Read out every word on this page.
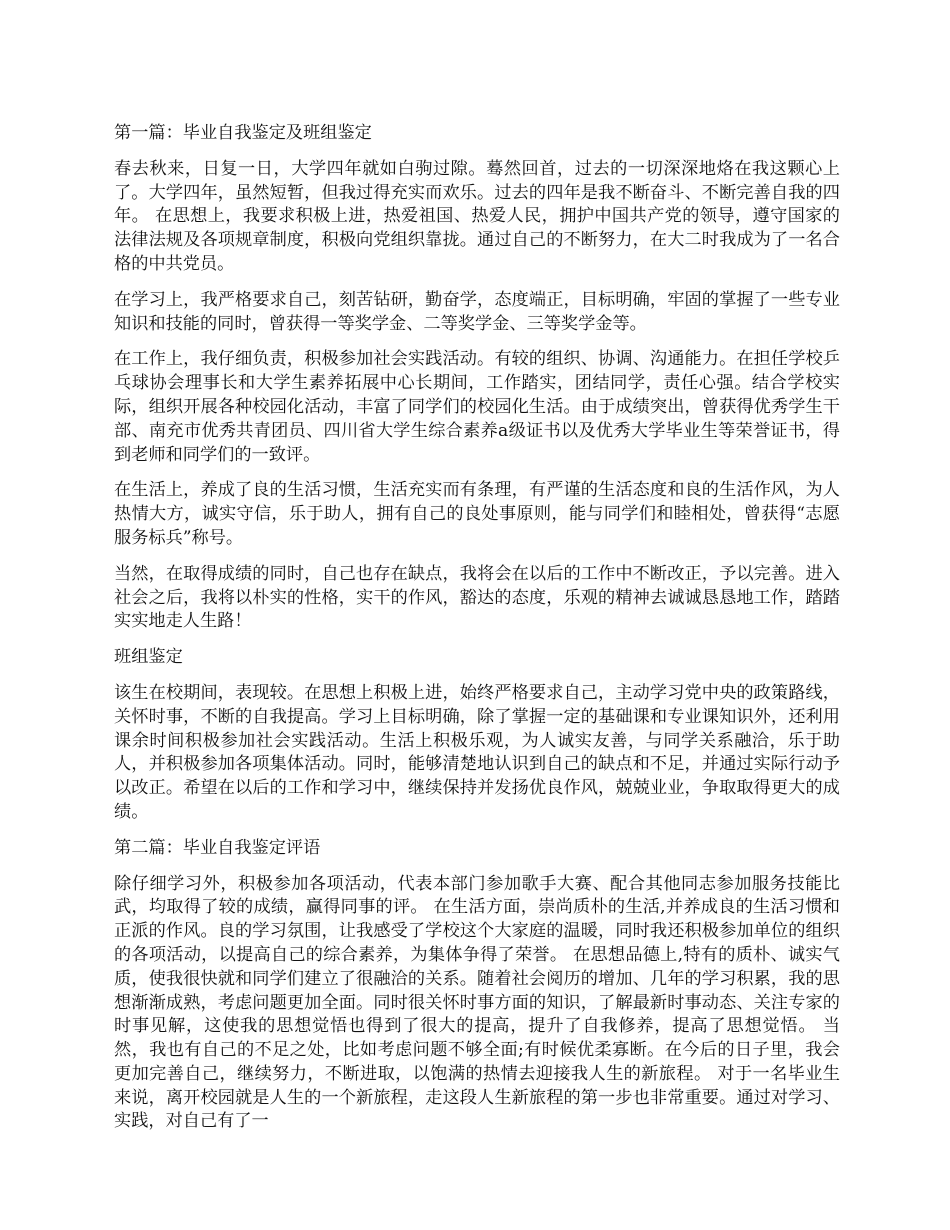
第一篇：毕业自我鉴定及班组鉴定

春去秋来，日复一日，大学四年就如白驹过隙。蓦然回首，过去的一切深深地烙在我这颗心上了。大学四年，虽然短暂，但我过得充实而欢乐。过去的四年是我不断奋斗、不断完善自我的四年。 在思想上，我要求积极上进，热爱祖国、热爱人民，拥护中国共产党的领导，遵守国家的法律法规及各项规章制度，积极向党组织靠拢。通过自己的不断努力，在大二时我成为了一名合格的中共党员。

在学习上，我严格要求自己，刻苦钻研，勤奋学，态度端正，目标明确，牢固的掌握了一些专业知识和技能的同时，曾获得一等奖学金、二等奖学金、三等奖学金等。

在工作上，我仔细负责，积极参加社会实践活动。有较的组织、协调、沟通能力。在担任学校乒乓球协会理事长和大学生素养拓展中心长期间，工作踏实，团结同学，责任心强。结合学校实际，组织开展各种校园化活动，丰富了同学们的校园化生活。由于成绩突出，曾获得优秀学生干部、南充市优秀共青团员、四川省大学生综合素养a级证书以及优秀大学毕业生等荣誉证书，得到老师和同学们的一致评。

在生活上，养成了良的生活习惯，生活充实而有条理，有严谨的生活态度和良的生活作风，为人热情大方，诚实守信，乐于助人，拥有自己的良处事原则，能与同学们和睦相处，曾获得“志愿服务标兵”称号。

当然，在取得成绩的同时，自己也存在缺点，我将会在以后的工作中不断改正，予以完善。进入社会之后，我将以朴实的性格，实干的作风，豁达的态度，乐观的精神去诚诚恳恳地工作，踏踏实实地走人生路！

班组鉴定

该生在校期间，表现较。在思想上积极上进，始终严格要求自己，主动学习党中央的政策路线，关怀时事，不断的自我提高。学习上目标明确，除了掌握一定的基础课和专业课知识外，还利用课余时间积极参加社会实践活动。生活上积极乐观，为人诚实友善，与同学关系融洽，乐于助人，并积极参加各项集体活动。同时，能够清楚地认识到自己的缺点和不足，并通过实际行动予以改正。希望在以后的工作和学习中，继续保持并发扬优良作风，兢兢业业，争取取得更大的成绩。

第二篇：毕业自我鉴定评语

除仔细学习外，积极参加各项活动，代表本部门参加歌手大赛、配合其他同志参加服务技能比武，均取得了较的成绩，赢得同事的评。 在生活方面，崇尚质朴的生活,并养成良的生活习惯和正派的作风。良的学习氛围，让我感受了学校这个大家庭的温暖，同时我还积极参加单位的组织的各项活动，以提高自己的综合素养，为集体争得了荣誉。 在思想品德上,特有的质朴、诚实气质，使我很快就和同学们建立了很融洽的关系。随着社会阅历的增加、几年的学习积累，我的思想渐渐成熟，考虑问题更加全面。同时很关怀时事方面的知识，了解最新时事动态、关注专家的时事见解，这使我的思想觉悟也得到了很大的提高，提升了自我修养，提高了思想觉悟。 当然，我也有自己的不足之处，比如考虑问题不够全面;有时候优柔寡断。在今后的日子里，我会更加完善自己，继续努力，不断进取，以饱满的热情去迎接我人生的新旅程。 对于一名毕业生来说，离开校园就是人生的一个新旅程，走这段人生新旅程的第一步也非常重要。通过对学习、实践，对自己有了一
